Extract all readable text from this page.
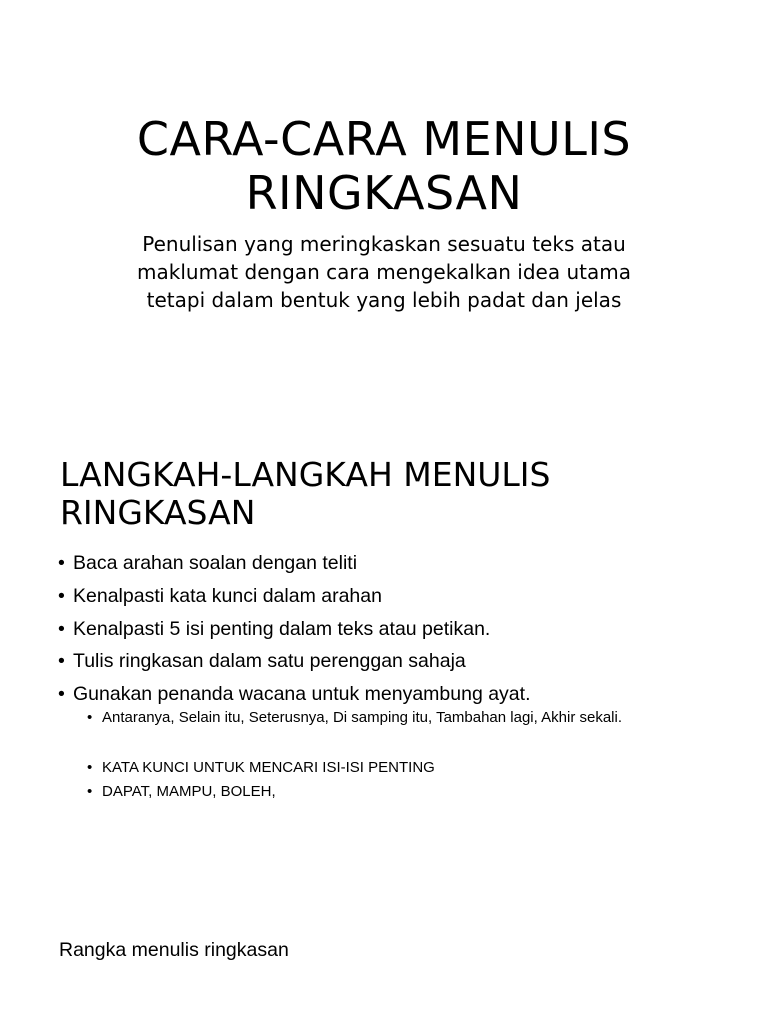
CARA-CARA MENULIS
RINGKASAN
Penulisan yang meringkaskan sesuatu teks atau
maklumat dengan cara mengekalkan idea utama
tetapi dalam bentuk yang lebih padat dan jelas
LANGKAH-LANGKAH MENULIS
RINGKASAN
• Baca arahan soalan dengan teliti
• Kenalpasti kata kunci dalam arahan
• Kenalpasti 5 isi penting dalam teks atau petikan.
• Tulis ringkasan dalam satu perenggan sahaja
• Gunakan penanda wacana untuk menyambung ayat.
• Antaranya, Selain itu, Seterusnya, Di samping itu, Tambahan lagi, Akhir sekali.
• KATA KUNCI UNTUK MENCARI ISI-ISI PENTING
• DAPAT, MAMPU, BOLEH,
Rangka menulis ringkasan
